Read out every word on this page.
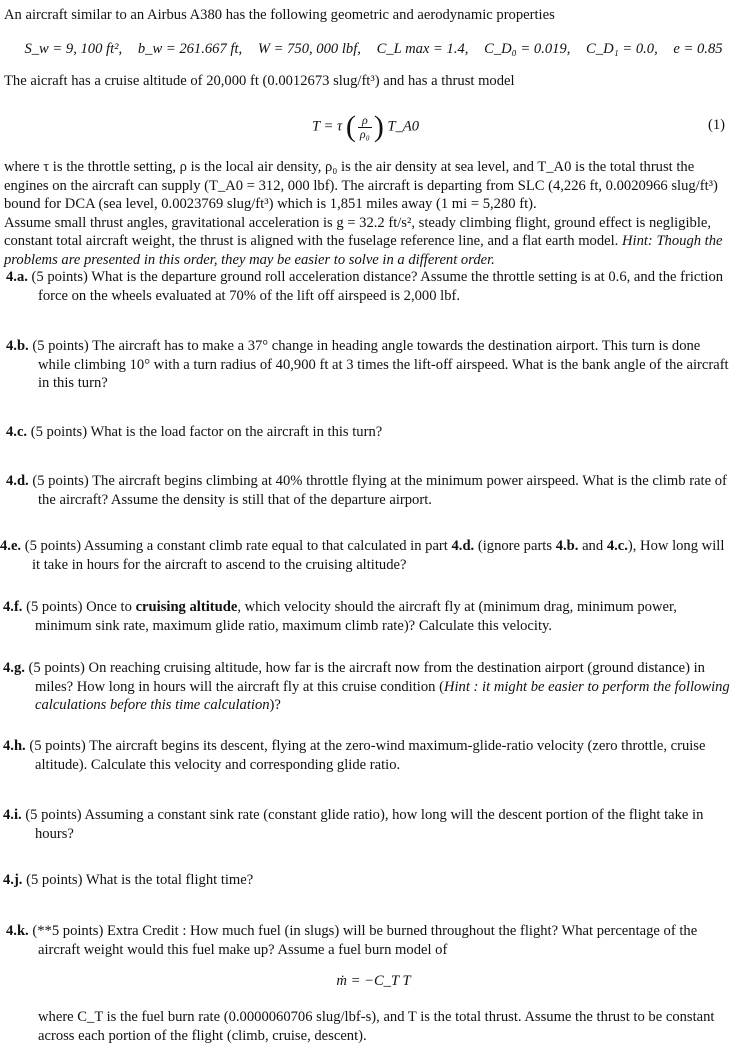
An aircraft similar to an Airbus A380 has the following geometric and aerodynamic properties
S_w = 9, 100 ft², b_w = 261.667 ft, W = 750, 000 lbf, C_L max = 1.4, C_D₀ = 0.019, C_D₁ = 0.0, e = 0.85
The aicraft has a cruise altitude of 20,000 ft (0.0012673 slug/ft³) and has a thrust model
T = τ ( $\frac{\rho}{\text{ρ₀}}$ ) T_A0	(1)
where τ is the throttle setting, ρ is the local air density, ρ₀ is the air density at sea level, and T_A0 is the total thrust the engines on the aircraft can supply (T_A0 = 312, 000 lbf). The aircraft is departing from SLC (4,226 ft, 0.0020966 slug/ft³) bound for DCA (sea level, 0.0023769 slug/ft³) which is 1,851 miles away (1 mi = 5,280 ft).
Assume small thrust angles, gravitational acceleration is g = 32.2 ft/s², steady climbing flight, ground effect is negligible, constant total aircraft weight, the thrust is aligned with the fuselage reference line, and a flat earth model. Hint: Though the problems are presented in this order, they may be easier to solve in a different order.
4.a. (5 points) What is the departure ground roll acceleration distance? Assume the throttle setting is at 0.6, and the friction force on the wheels evaluated at 70% of the lift off airspeed is 2,000 lbf.
4.b. (5 points) The aircraft has to make a 37° change in heading angle towards the destination airport. This turn is done while climbing 10° with a turn radius of 40,900 ft at 3 times the lift-off airspeed. What is the bank angle of the aircraft in this turn?
4.c. (5 points) What is the load factor on the aircraft in this turn?
4.d. (5 points) The aircraft begins climbing at 40% throttle flying at the minimum power airspeed. What is the climb rate of the aircraft? Assume the density is still that of the departure airport.
4.e. (5 points) Assuming a constant climb rate equal to that calculated in part 4.d. (ignore parts 4.b. and 4.c.), How long will it take in hours for the aircraft to ascend to the cruising altitude?
4.f. (5 points) Once to cruising altitude, which velocity should the aircraft fly at (minimum drag, minimum power, minimum sink rate, maximum glide ratio, maximum climb rate)? Calculate this velocity.
4.g. (5 points) On reaching cruising altitude, how far is the aircraft now from the destination airport (ground distance) in miles? How long in hours will the aircraft fly at this cruise condition (Hint : it might be easier to perform the following calculations before this time calculation)?
4.h. (5 points) The aircraft begins its descent, flying at the zero-wind maximum-glide-ratio velocity (zero throttle, cruise altitude). Calculate this velocity and corresponding glide ratio.
4.i. (5 points) Assuming a constant sink rate (constant glide ratio), how long will the descent portion of the flight take in hours?
4.j. (5 points) What is the total flight time?
4.k. (**5 points) Extra Credit : How much fuel (in slugs) will be burned throughout the flight? What percentage of the aircraft weight would this fuel make up? Assume a fuel burn model of
ṁ = −C_T T
where C_T is the fuel burn rate (0.0000060706 slug/lbf-s), and T is the total thrust. Assume the thrust to be constant across each portion of the flight (climb, cruise, descent).
